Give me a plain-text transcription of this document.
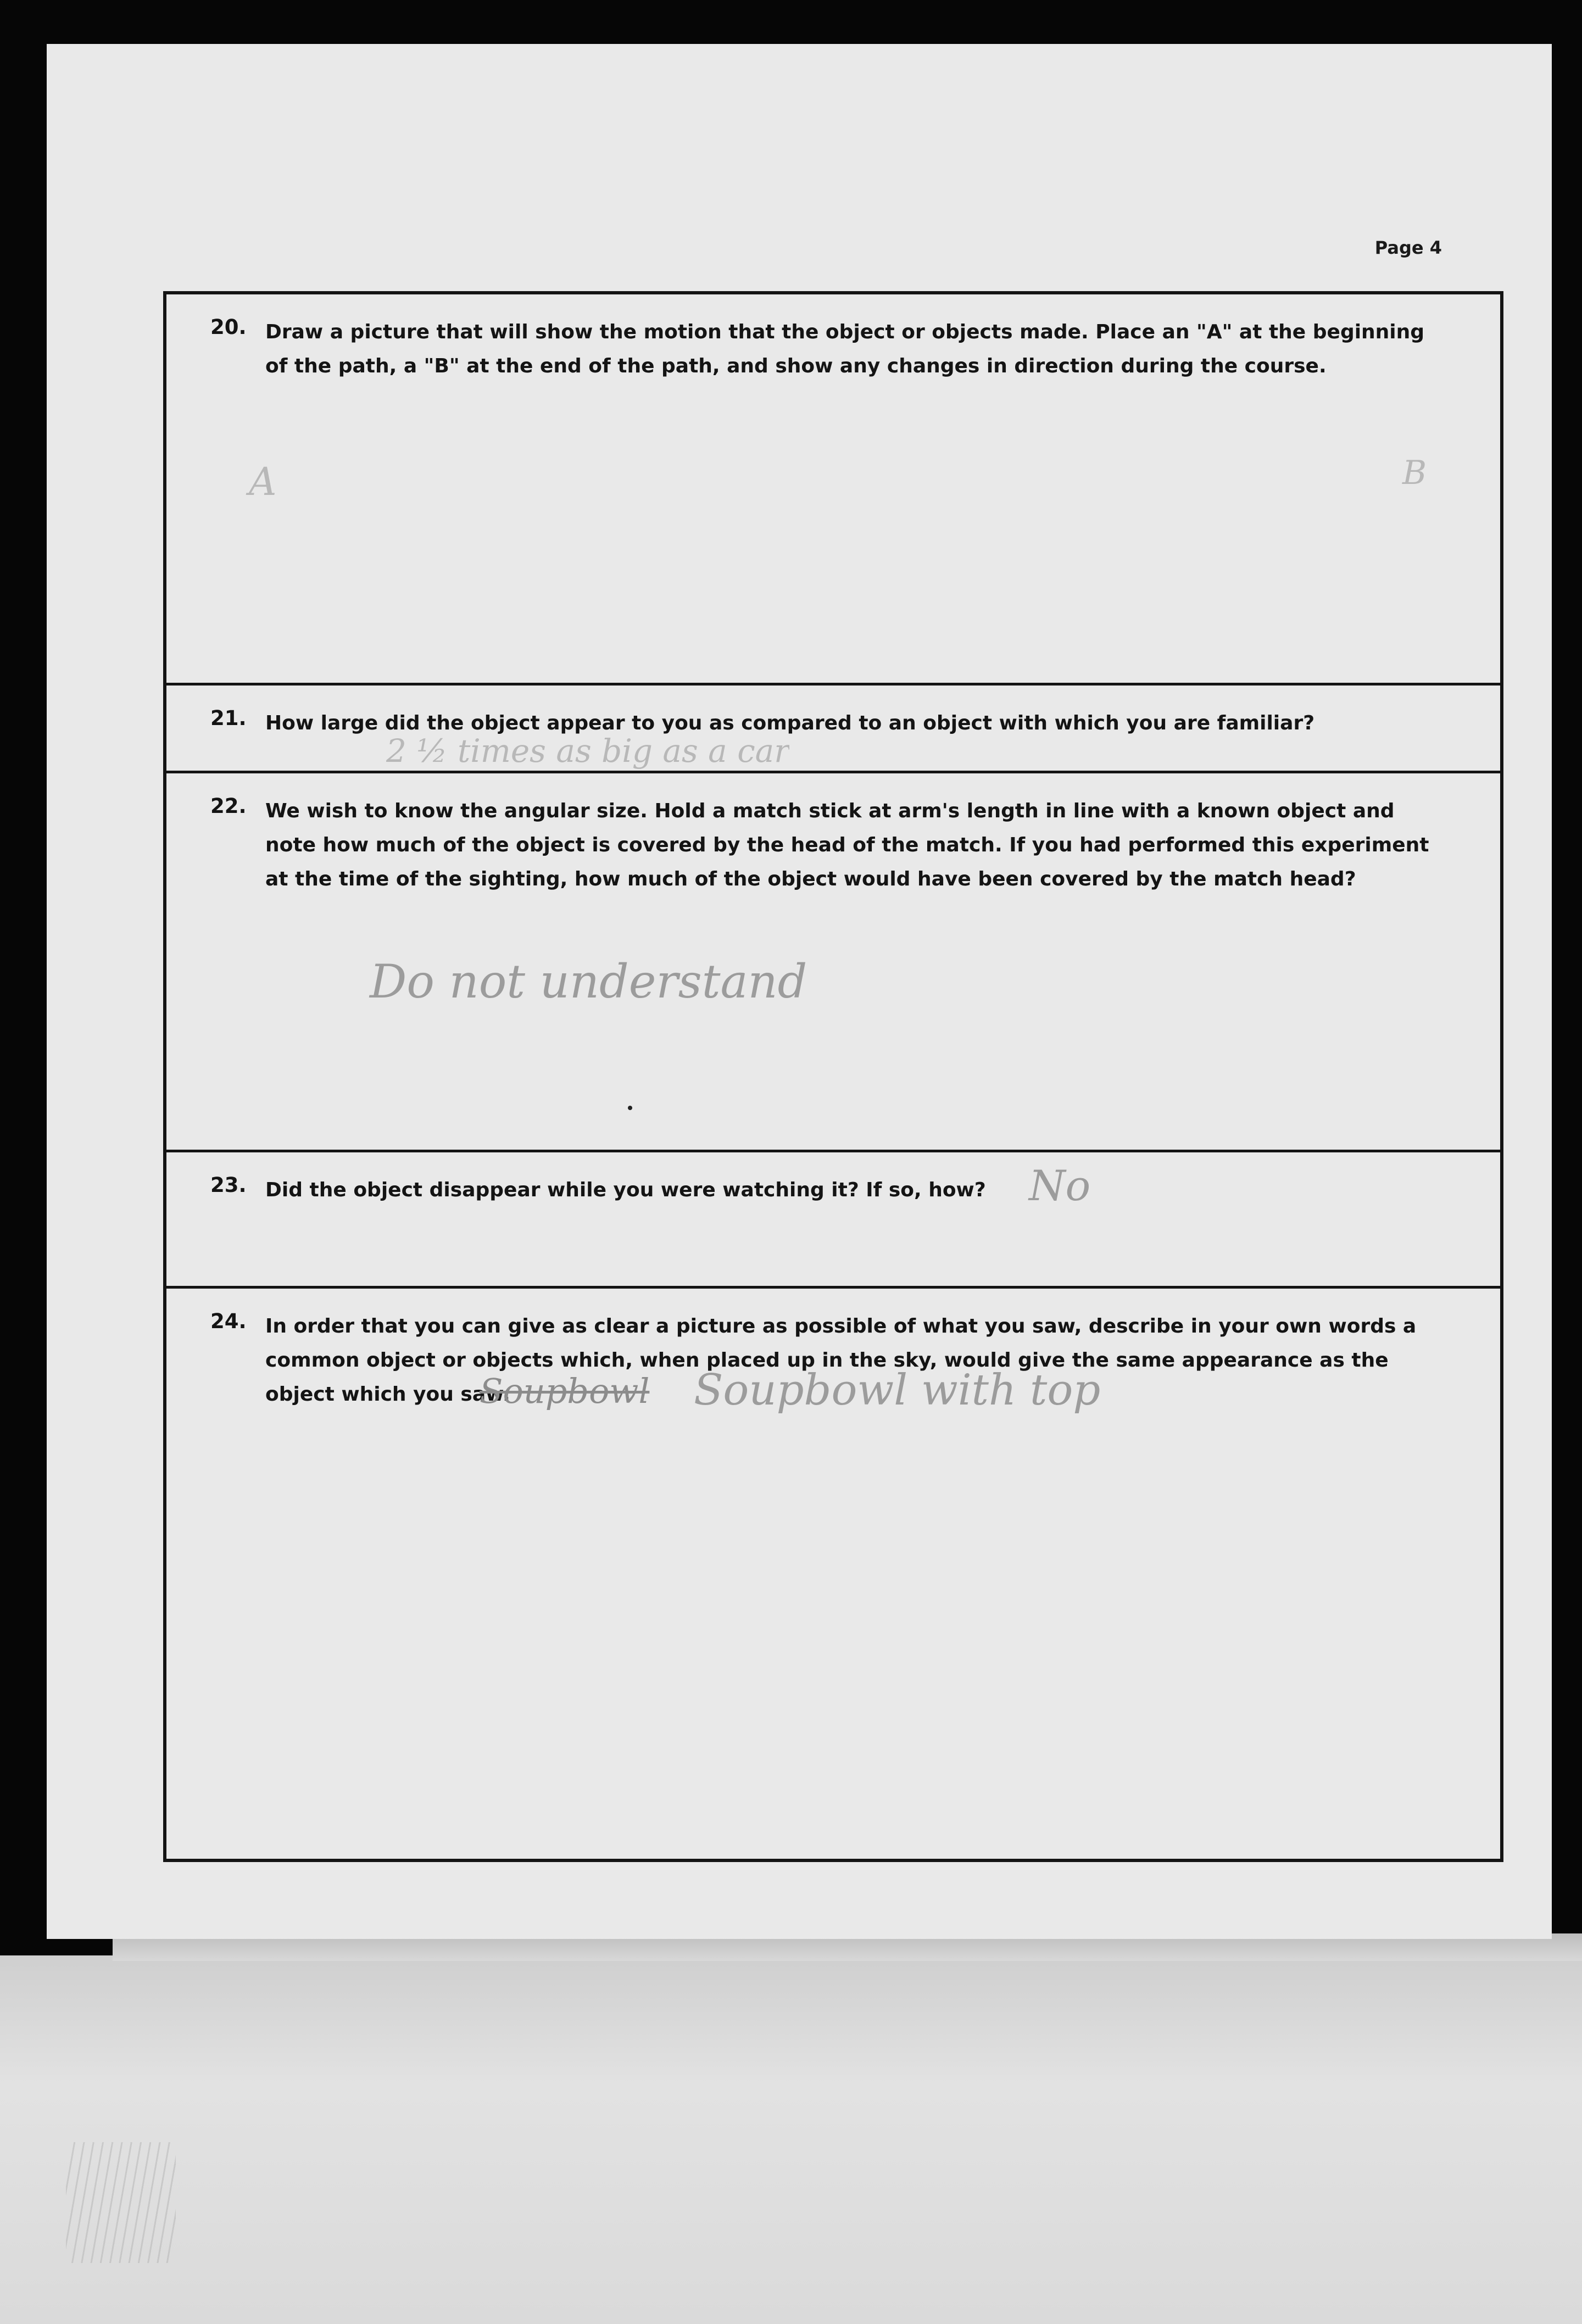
Page 4
20. Draw a picture that will show the motion that the object or objects made. Place an "A" at the beginning of the path, a "B" at the end of the path, and show any changes in direction during the course.
A	B
21. How large did the object appear to you as compared to an object with which you are familiar?
2 ½ times as big as a car
22. We wish to know the angular size. Hold a match stick at arm's length in line with a known object and note how much of the object is covered by the head of the match. If you had performed this experiment at the time of the sighting, how much of the object would have been covered by the match head?
Do not understand
23. Did the object disappear while you were watching it? If so, how?	No
24. In order that you can give as clear a picture as possible of what you saw, describe in your own words a common object or objects which, when placed up in the sky, would give the same appearance as the object which you saw.
Soupbowl Soupbowl with top
